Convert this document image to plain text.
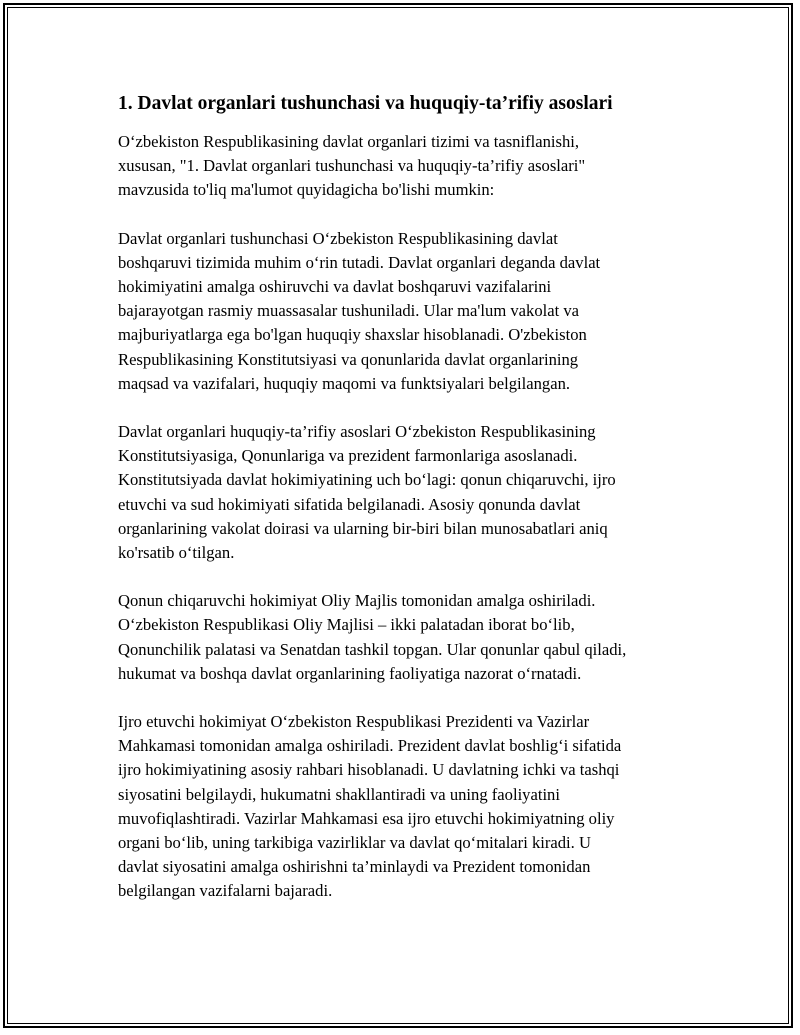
1. Davlat organlari tushunchasi va huquqiy-ta’rifiy asoslari

O‘zbekiston Respublikasining davlat organlari tizimi va tasniflanishi,
xususan, "1. Davlat organlari tushunchasi va huquqiy-ta’rifiy asoslari"
mavzusida to'liq ma'lumot quyidagicha bo'lishi mumkin:

Davlat organlari tushunchasi O‘zbekiston Respublikasining davlat
boshqaruvi tizimida muhim o‘rin tutadi. Davlat organlari deganda davlat
hokimiyatini amalga oshiruvchi va davlat boshqaruvi vazifalarini
bajarayotgan rasmiy muassasalar tushuniladi. Ular ma'lum vakolat va
majburiyatlarga ega bo'lgan huquqiy shaxslar hisoblanadi. O'zbekiston
Respublikasining Konstitutsiyasi va qonunlarida davlat organlarining
maqsad va vazifalari, huquqiy maqomi va funktsiyalari belgilangan.

Davlat organlari huquqiy-ta’rifiy asoslari O‘zbekiston Respublikasining
Konstitutsiyasiga, Qonunlariga va prezident farmonlariga asoslanadi.
Konstitutsiyada davlat hokimiyatining uch bo‘lagi: qonun chiqaruvchi, ijro
etuvchi va sud hokimiyati sifatida belgilanadi. Asosiy qonunda davlat
organlarining vakolat doirasi va ularning bir-biri bilan munosabatlari aniq
ko'rsatib o‘tilgan.

Qonun chiqaruvchi hokimiyat Oliy Majlis tomonidan amalga oshiriladi.
O‘zbekiston Respublikasi Oliy Majlisi – ikki palatadan iborat bo‘lib,
Qonunchilik palatasi va Senatdan tashkil topgan. Ular qonunlar qabul qiladi,
hukumat va boshqa davlat organlarining faoliyatiga nazorat o‘rnatadi.

Ijro etuvchi hokimiyat O‘zbekiston Respublikasi Prezidenti va Vazirlar
Mahkamasi tomonidan amalga oshiriladi. Prezident davlat boshlig‘i sifatida
ijro hokimiyatining asosiy rahbari hisoblanadi. U davlatning ichki va tashqi
siyosatini belgilaydi, hukumatni shakllantiradi va uning faoliyatini
muvofiqlashtiradi. Vazirlar Mahkamasi esa ijro etuvchi hokimiyatning oliy
organi bo‘lib, uning tarkibiga vazirliklar va davlat qo‘mitalari kiradi. U
davlat siyosatini amalga oshirishni ta’minlaydi va Prezident tomonidan
belgilangan vazifalarni bajaradi.
